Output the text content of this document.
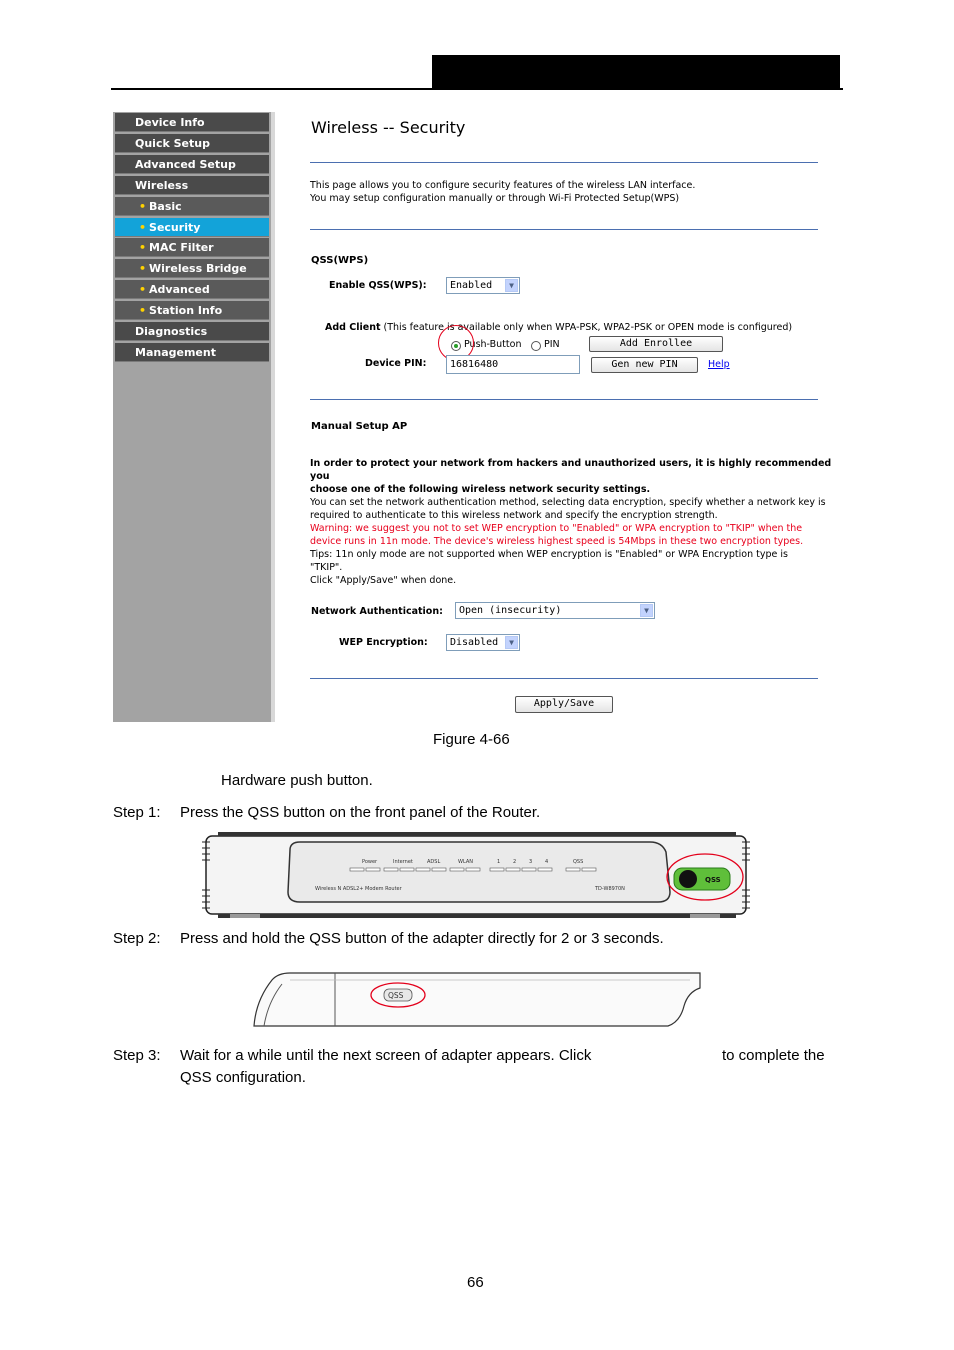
Device Info
Quick Setup
Advanced Setup
Wireless
• Basic
• Security
• MAC Filter
• Wireless Bridge
• Advanced
• Station Info
Diagnostics
Management
Wireless -- Security
This page allows you to configure security features of the wireless LAN interface.
You may setup configuration manually or through Wi-Fi Protected Setup(WPS)
QSS(WPS)
Enable QSS(WPS):	Enabled	▼
Add Client (This feature is available only when WPA-PSK, WPA2-PSK or OPEN mode is configured)
Push-Button PIN	Add Enrollee
Device PIN:	16816480	Gen new PIN	Help
Manual Setup AP
In order to protect your network from hackers and unauthorized users, it is highly recommended you
choose one of the following wireless network security settings.
You can set the network authentication method, selecting data encryption, specify whether a network key is
required to authenticate to this wireless network and specify the encryption strength.
Warning: we suggest you not to set WEP encryption to "Enabled" or WPA encryption to "TKIP" when the
device runs in 11n mode. The device's wireless highest speed is 54Mbps in these two encryption types.
Tips: 11n only mode are not supported when WEP encryption is "Enabled" or WPA Encryption type is
"TKIP".
Click "Apply/Save" when done.
Network Authentication:	Open (insecurity)	▼
WEP Encryption:	Disabled	▼
Apply/Save
Figure 4-66
Hardware push button.
Step 1: Press the QSS button on the front panel of the Router.
Power	Internet	ADSL	WLAN	1	2	3	4	QSS
Wireless N ADSL2+ Modem Router	TD-W8970N
QSS
Step 2: Press and hold the QSS button of the adapter directly for 2 or 3 seconds.
QSS
Step 3: Wait for a while until the next screen of adapter appears. Click	to complete the
QSS configuration.
66
